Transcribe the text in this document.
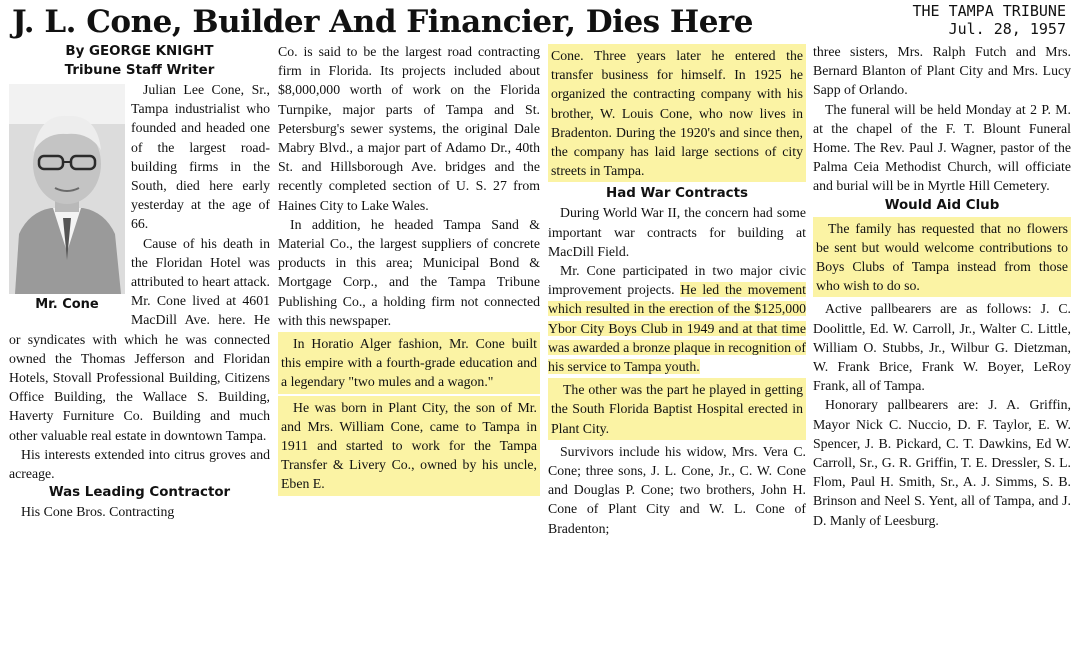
J. L. Cone, Builder And Financier, Dies Here	THE TAMPA TRIBUNE
Jul. 28, 1957
By GEORGE KNIGHT
Tribune Staff Writer
Mr. Cone

Julian Lee Cone, Sr., Tampa industrialist who founded and headed one of the largest road-building firms in the South, died here early yesterday at the age of 66.

Cause of his death in the Floridan Hotel was attributed to heart attack. Mr. Cone lived at 4601 MacDill Ave. here. He or syndicates with which he was connected owned the Thomas Jefferson and Floridan Hotels, Stovall Professional Building, Citizens Office Building, the Wallace S. Building, Haverty Furniture Co. Building and much other valuable real estate in downtown Tampa.

His interests extended into citrus groves and acreage.

Was Leading Contractor

His Cone Bros. Contracting

Co. is said to be the largest road contracting firm in Florida. Its projects included about $8,000,000 worth of work on the Florida Turnpike, major parts of Tampa and St. Petersburg's sewer systems, the original Dale Mabry Blvd., a major part of Adamo Dr., 40th St. and Hillsborough Ave. bridges and the recently completed section of U. S. 27 from Haines City to Lake Wales.

In addition, he headed Tampa Sand & Material Co., the largest suppliers of concrete products in this area; Municipal Bond & Mortgage Corp., and the Tampa Tribune Publishing Co., a holding firm not connected with this newspaper.

In Horatio Alger fashion, Mr. Cone built this empire with a fourth-grade education and a legendary "two mules and a wagon."

He was born in Plant City, the son of Mr. and Mrs. William Cone, came to Tampa in 1911 and started to work for the Tampa Transfer & Livery Co., owned by his uncle, Eben E.

Cone. Three years later he entered the transfer business for himself. In 1925 he organized the contracting company with his brother, W. Louis Cone, who now lives in Bradenton. During the 1920's and since then, the company has laid large sections of city streets in Tampa.

Had War Contracts

During World War II, the concern had some important war contracts for building at MacDill Field.

Mr. Cone participated in two major civic improvement projects. He led the movement which resulted in the erection of the $125,000 Ybor City Boys Club in 1949 and at that time was awarded a bronze plaque in recognition of his service to Tampa youth.

The other was the part he played in getting the South Florida Baptist Hospital erected in Plant City.

Survivors include his widow, Mrs. Vera C. Cone; three sons, J. L. Cone, Jr., C. W. Cone and Douglas P. Cone; two brothers, John H. Cone of Plant City and W. L. Cone of Bradenton;

three sisters, Mrs. Ralph Futch and Mrs. Bernard Blanton of Plant City and Mrs. Lucy Sapp of Orlando.

The funeral will be held Monday at 2 P. M. at the chapel of the F. T. Blount Funeral Home. The Rev. Paul J. Wagner, pastor of the Palma Ceia Methodist Church, will officiate and burial will be in Myrtle Hill Cemetery.

Would Aid Club

The family has requested that no flowers be sent but would welcome contributions to Boys Clubs of Tampa instead from those who wish to do so.

Active pallbearers are as follows: J. C. Doolittle, Ed. W. Carroll, Jr., Walter C. Little, William O. Stubbs, Jr., Wilbur G. Dietzman, W. Frank Brice, Frank W. Boyer, LeRoy Frank, all of Tampa.

Honorary pallbearers are: J. A. Griffin, Mayor Nick C. Nuccio, D. F. Taylor, E. W. Spencer, J. B. Pickard, C. T. Dawkins, Ed W. Carroll, Sr., G. R. Griffin, T. E. Dressler, S. L. Flom, Paul H. Smith, Sr., A. J. Simms, S. B. Brinson and Neel S. Yent, all of Tampa, and J. D. Manly of Leesburg.
